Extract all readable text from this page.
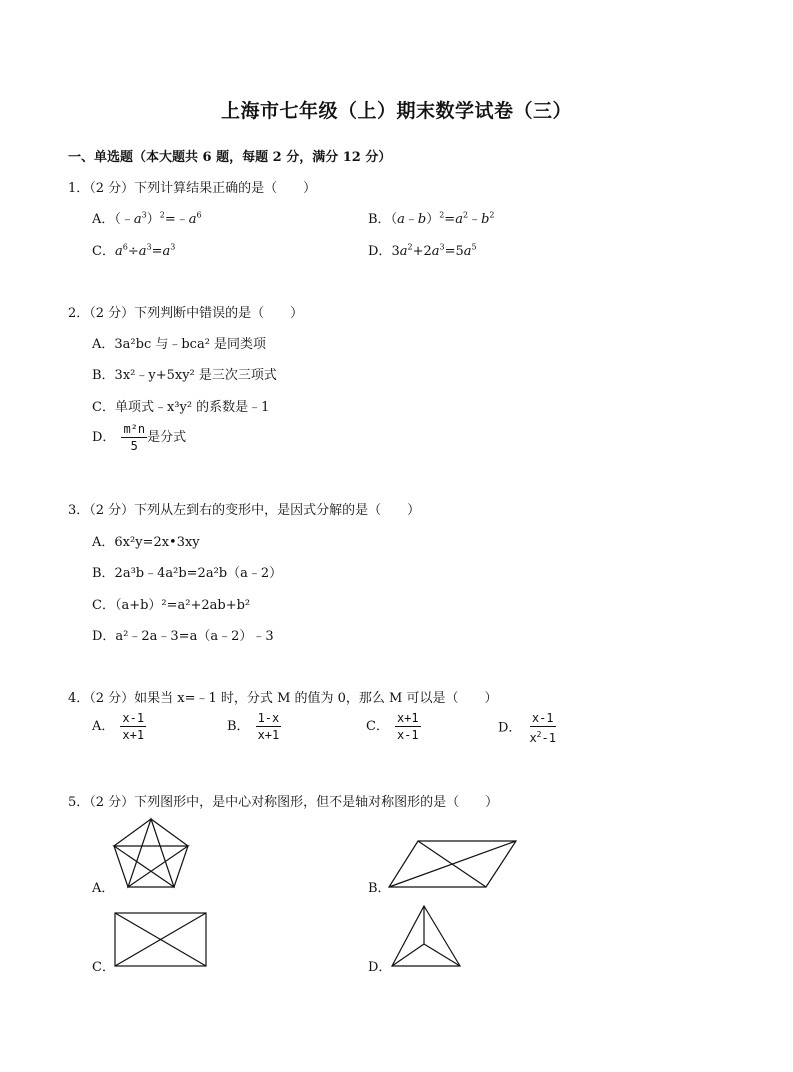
上海市七年级（上）期末数学试卷（三）
一、单选题（本大题共 6 题，每题 2 分，满分 12 分）
1．（2 分）下列计算结果正确的是（　　）
A．$(﹣a^3)^2=﹣a^6$	B．$(a﹣b)^2=a^2﹣b^2$
C．$a^6\div a^3=a^3$	D．$3a^2+2a^3=5a^5$
2．（2 分）下列判断中错误的是（　　）
A．3a²bc 与﹣bca² 是同类项
B．3x²﹣y+5xy² 是三次三项式
C．单项式﹣x³y² 的系数是﹣1
D． $\frac{\text{m²n}}{5}$ 是分式
3．（2 分）下列从左到右的变形中，是因式分解的是（　　）
A．6x²y=2x•3xy
B．2a³b﹣4a²b=2a²b（a﹣2）
C．（a+b）²=a²+2ab+b²
D．a²﹣2a﹣3=a（a﹣2）﹣3
4．（2 分）如果当 x=﹣1 时，分式 M 的值为 0，那么 M 可以是（　　）
A． $\frac{x-1}{x+1}$	B． $\frac{1-x}{x+1}$	C． $\frac{x+1}{x-1}$	D． $\frac{x-1}{x^2-1}$
5．（2 分）下列图形中，是中心对称图形，但不是轴对称图形的是（　　）
A．	B．
C．	D．
